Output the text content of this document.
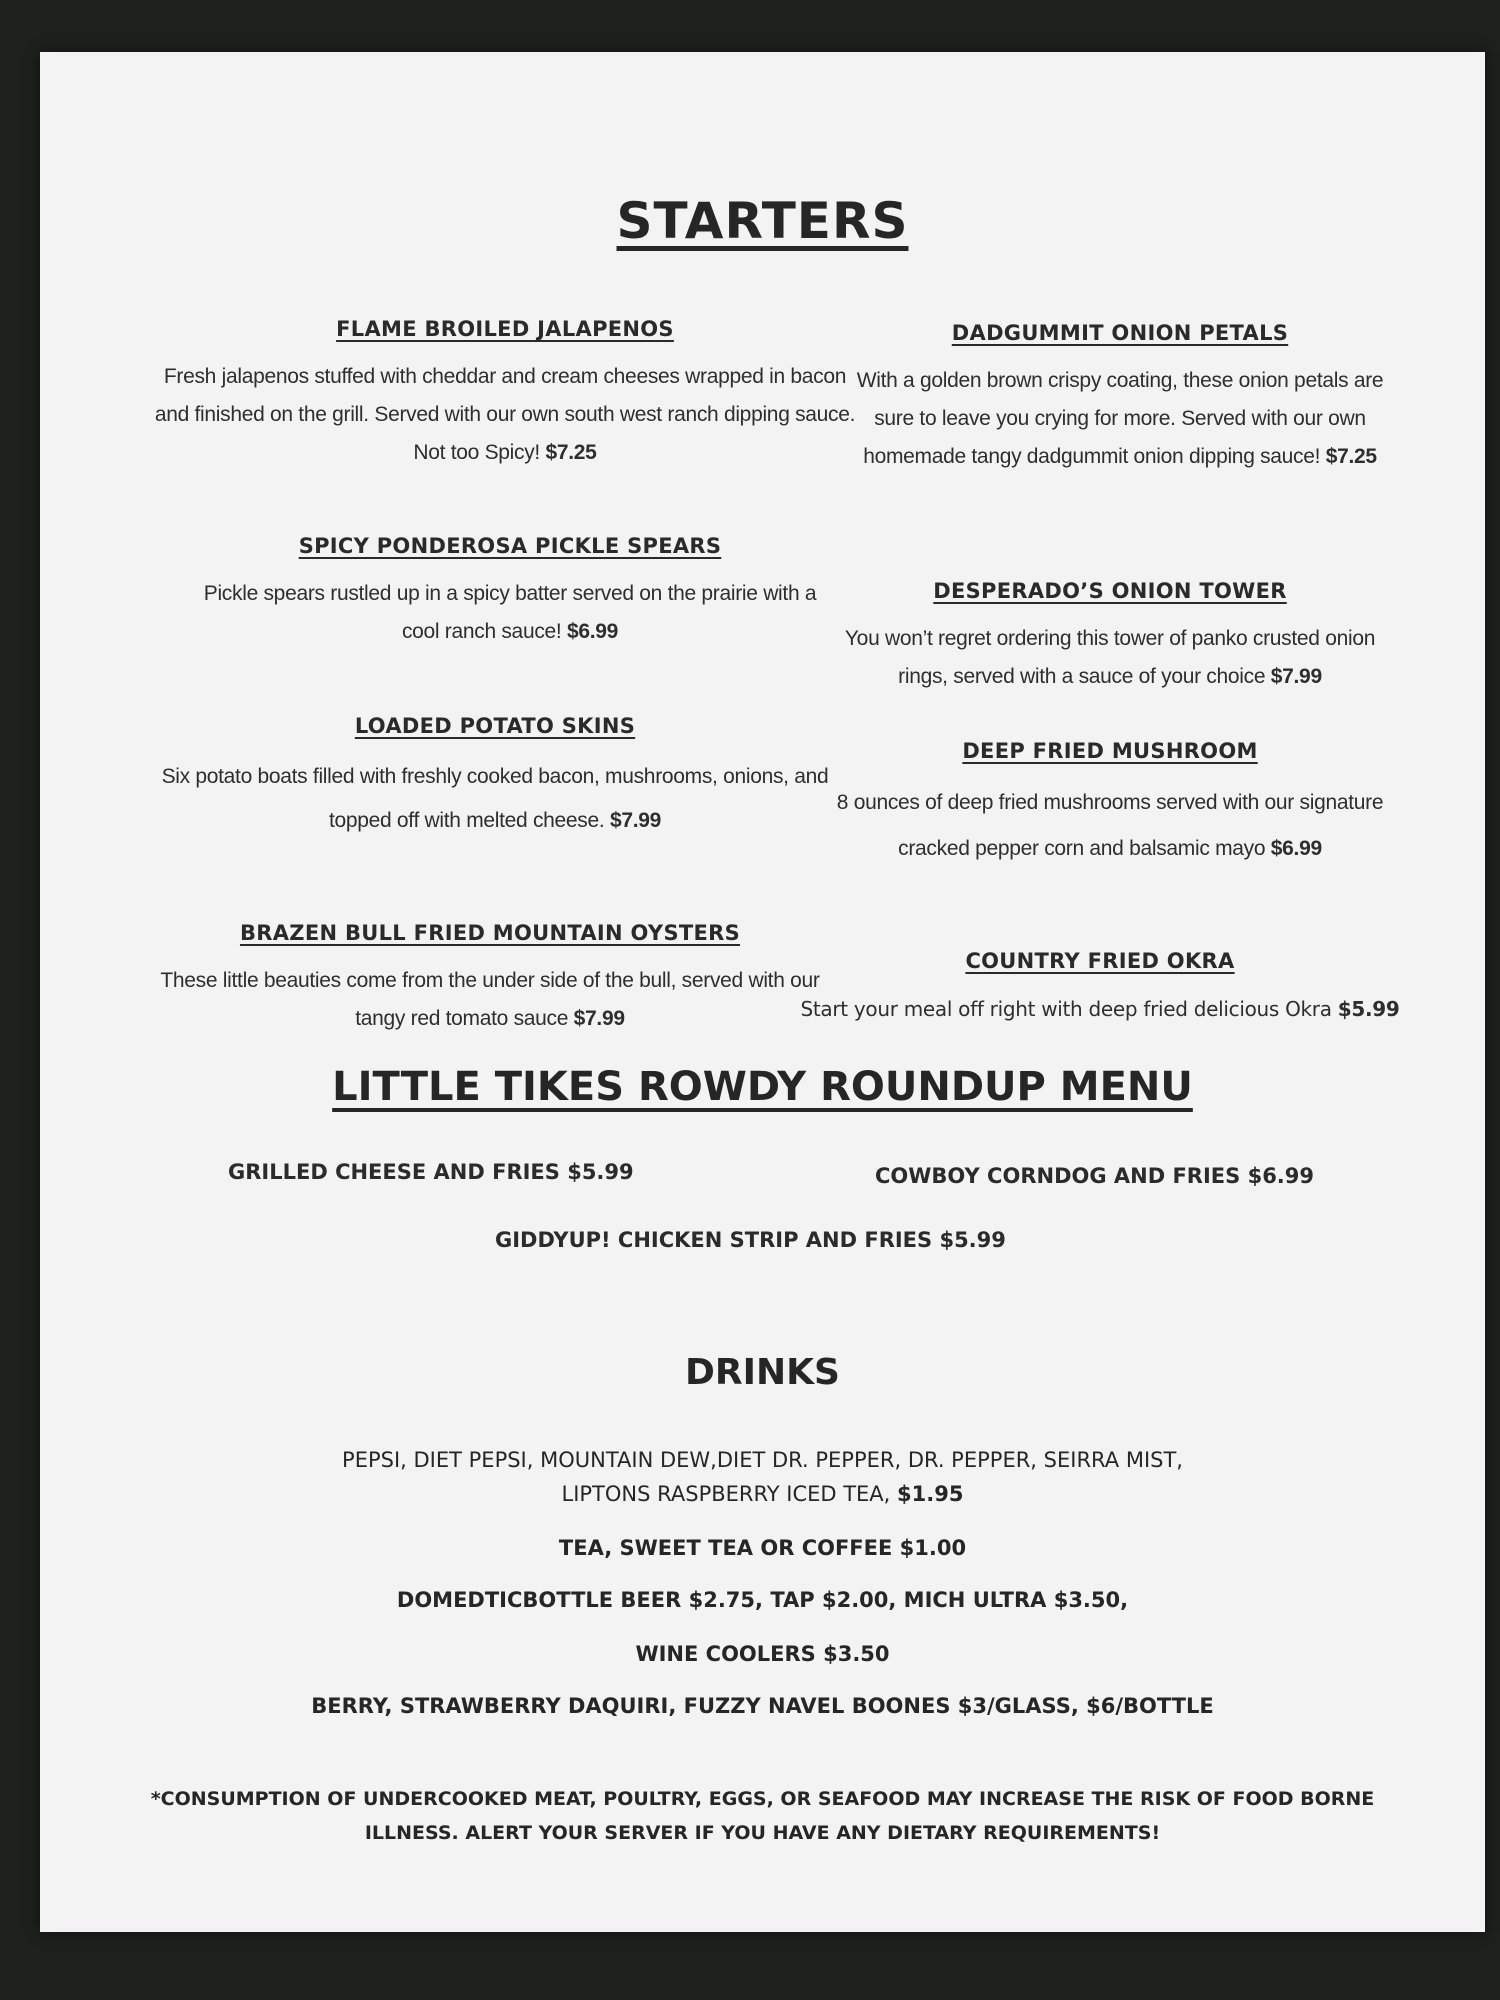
STARTERS
FLAME BROILED JALAPENOS
Fresh jalapenos stuffed with cheddar and cream cheeses wrapped in bacon and finished on the grill. Served with our own south west ranch dipping sauce. Not too Spicy! $7.25
SPICY PONDEROSA PICKLE SPEARS
Pickle spears rustled up in a spicy batter served on the prairie with a cool ranch sauce! $6.99
LOADED POTATO SKINS
Six potato boats filled with freshly cooked bacon, mushrooms, onions, and topped off with melted cheese. $7.99
BRAZEN BULL FRIED MOUNTAIN OYSTERS
These little beauties come from the under side of the bull, served with our tangy red tomato sauce $7.99
DADGUMMIT ONION PETALS
With a golden brown crispy coating, these onion petals are sure to leave you crying for more. Served with our own homemade tangy dadgummit onion dipping sauce! $7.25
DESPERADO’S ONION TOWER
You won’t regret ordering this tower of panko crusted onion rings, served with a sauce of your choice $7.99
DEEP FRIED MUSHROOM
8 ounces of deep fried mushrooms served with our signature cracked pepper corn and balsamic mayo $6.99
COUNTRY FRIED OKRA
Start your meal off right with deep fried delicious Okra $5.99
LITTLE TIKES ROWDY ROUNDUP MENU
GRILLED CHEESE AND FRIES $5.99	COWBOY CORNDOG AND FRIES $6.99
GIDDYUP! CHICKEN STRIP AND FRIES $5.99
DRINKS
PEPSI, DIET PEPSI, MOUNTAIN DEW,DIET DR. PEPPER, DR. PEPPER, SEIRRA MIST,
LIPTONS RASPBERRY ICED TEA, $1.95
TEA, SWEET TEA OR COFFEE $1.00
DOMEDTICBOTTLE BEER $2.75, TAP $2.00, MICH ULTRA $3.50,
WINE COOLERS $3.50
BERRY, STRAWBERRY DAQUIRI, FUZZY NAVEL BOONES $3/GLASS, $6/BOTTLE
*CONSUMPTION OF UNDERCOOKED MEAT, POULTRY, EGGS, OR SEAFOOD MAY INCREASE THE RISK OF FOOD BORNE
ILLNESS. ALERT YOUR SERVER IF YOU HAVE ANY DIETARY REQUIREMENTS!
